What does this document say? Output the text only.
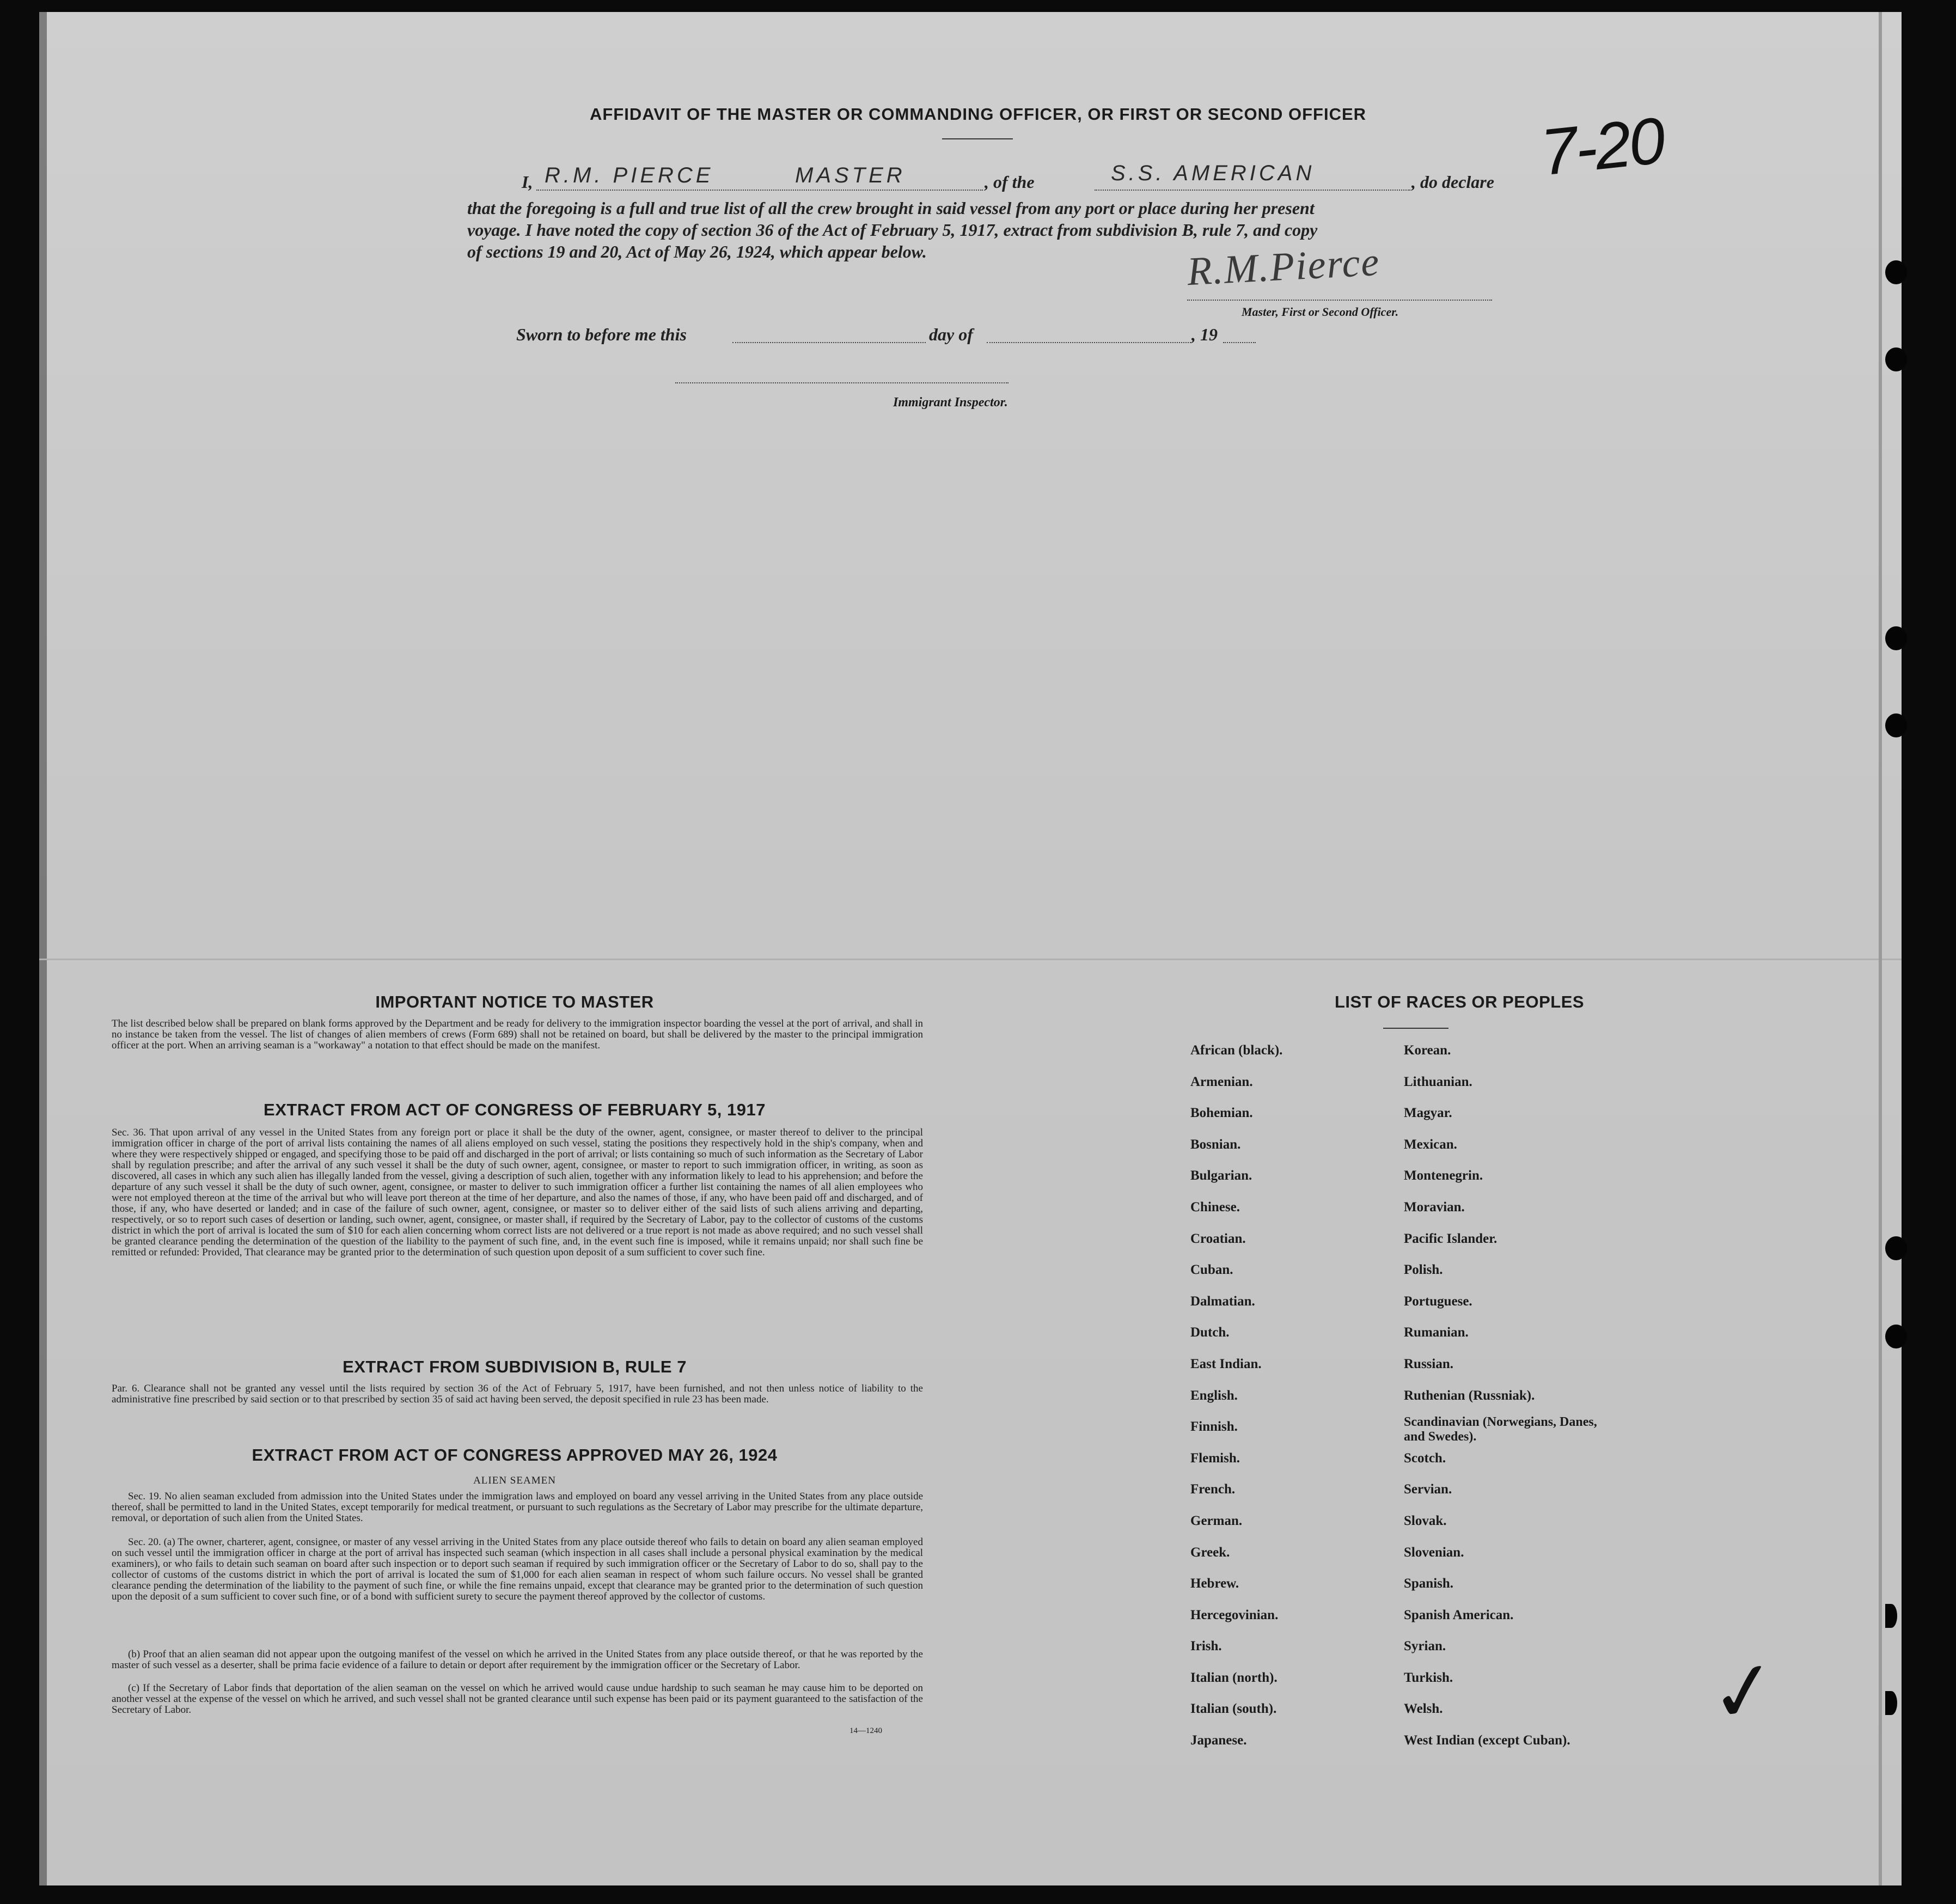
AFFIDAVIT OF THE MASTER OR COMMANDING OFFICER, OR FIRST OR SECOND OFFICER
I, R.M. PIERCE	MASTER	, of the	S.S. AMERICAN	, do declare
that the foregoing is a full and true list of all the crew brought in said vessel from any port or place during her present
voyage. I have noted the copy of section 36 of the Act of February 5, 1917, extract from subdivision B, rule 7, and copy
of sections 19 and 20, Act of May 26, 1924, which appear below.	R.M.Pierce
Master, First or Second Officer.
Sworn to before me this	day of	, 19
Immigrant Inspector.
7-20
✓
IMPORTANT NOTICE TO MASTER
The list described below shall be prepared on blank forms approved by the Department and be ready for delivery to the immigration inspector boarding the vessel at the port of arrival, and shall in no instance be taken from the vessel. The list of changes of alien members of crews (Form 689) shall not be retained on board, but shall be delivered by the master to the principal immigration officer at the port. When an arriving seaman is a "workaway" a notation to that effect should be made on the manifest.
EXTRACT FROM ACT OF CONGRESS OF FEBRUARY 5, 1917
Sec. 36. That upon arrival of any vessel in the United States from any foreign port or place it shall be the duty of the owner, agent, consignee, or master thereof to deliver to the principal immigration officer in charge of the port of arrival lists containing the names of all aliens employed on such vessel, stating the positions they respectively hold in the ship's company, when and where they were respectively shipped or engaged, and specifying those to be paid off and discharged in the port of arrival; or lists containing so much of such information as the Secretary of Labor shall by regulation prescribe; and after the arrival of any such vessel it shall be the duty of such owner, agent, consignee, or master to report to such immigration officer, in writing, as soon as discovered, all cases in which any such alien has illegally landed from the vessel, giving a description of such alien, together with any information likely to lead to his apprehension; and before the departure of any such vessel it shall be the duty of such owner, agent, consignee, or master to deliver to such immigration officer a further list containing the names of all alien employees who were not employed thereon at the time of the arrival but who will leave port thereon at the time of her departure, and also the names of those, if any, who have been paid off and discharged, and of those, if any, who have deserted or landed; and in case of the failure of such owner, agent, consignee, or master so to deliver either of the said lists of such aliens arriving and departing, respectively, or so to report such cases of desertion or landing, such owner, agent, consignee, or master shall, if required by the Secretary of Labor, pay to the collector of customs of the customs district in which the port of arrival is located the sum of $10 for each alien concerning whom correct lists are not delivered or a true report is not made as above required; and no such vessel shall be granted clearance pending the determination of the question of the liability to the payment of such fine, and, in the event such fine is imposed, while it remains unpaid; nor shall such fine be remitted or refunded: Provided, That clearance may be granted prior to the determination of such question upon deposit of a sum sufficient to cover such fine.
EXTRACT FROM SUBDIVISION B, RULE 7
Par. 6. Clearance shall not be granted any vessel until the lists required by section 36 of the Act of February 5, 1917, have been furnished, and not then unless notice of liability to the administrative fine prescribed by said section or to that prescribed by section 35 of said act having been served, the deposit specified in rule 23 has been made.
EXTRACT FROM ACT OF CONGRESS APPROVED MAY 26, 1924
ALIEN SEAMEN
Sec. 19. No alien seaman excluded from admission into the United States under the immigration laws and employed on board any vessel arriving in the United States from any place outside thereof, shall be permitted to land in the United States, except temporarily for medical treatment, or pursuant to such regulations as the Secretary of Labor may prescribe for the ultimate departure, removal, or deportation of such alien from the United States.
Sec. 20. (a) The owner, charterer, agent, consignee, or master of any vessel arriving in the United States from any place outside thereof who fails to detain on board any alien seaman employed on such vessel until the immigration officer in charge at the port of arrival has inspected such seaman (which inspection in all cases shall include a personal physical examination by the medical examiners), or who fails to detain such seaman on board after such inspection or to deport such seaman if required by such immigration officer or the Secretary of Labor to do so, shall pay to the collector of customs of the customs district in which the port of arrival is located the sum of $1,000 for each alien seaman in respect of whom such failure occurs. No vessel shall be granted clearance pending the determination of the liability to the payment of such fine, or while the fine remains unpaid, except that clearance may be granted prior to the determination of such question upon the deposit of a sum sufficient to cover such fine, or of a bond with sufficient surety to secure the payment thereof approved by the collector of customs.
(b) Proof that an alien seaman did not appear upon the outgoing manifest of the vessel on which he arrived in the United States from any place outside thereof, or that he was reported by the master of such vessel as a deserter, shall be prima facie evidence of a failure to detain or deport after requirement by the immigration officer or the Secretary of Labor.
(c) If the Secretary of Labor finds that deportation of the alien seaman on the vessel on which he arrived would cause undue hardship to such seaman he may cause him to be deported on another vessel at the expense of the vessel on which he arrived, and such vessel shall not be granted clearance until such expense has been paid or its payment guaranteed to the satisfaction of the Secretary of Labor.
14—1240
LIST OF RACES OR PEOPLES
African (black).	Korean.
Armenian.	Lithuanian.
Bohemian.	Magyar.
Bosnian.	Mexican.
Bulgarian.	Montenegrin.
Chinese.	Moravian.
Croatian.	Pacific Islander.
Cuban.	Polish.
Dalmatian.	Portuguese.
Dutch.	Rumanian.
East Indian.	Russian.
English.	Ruthenian (Russniak).
Finnish.	Scandinavian (Norwegians, Danes, and Swedes).
Flemish.	Scotch.
French.	Servian.
German.	Slovak.
Greek.	Slovenian.
Hebrew.	Spanish.
Hercegovinian.	Spanish American.
Irish.	Syrian.
Italian (north).	Turkish.
Italian (south).	Welsh.
Japanese.	West Indian (except Cuban).
